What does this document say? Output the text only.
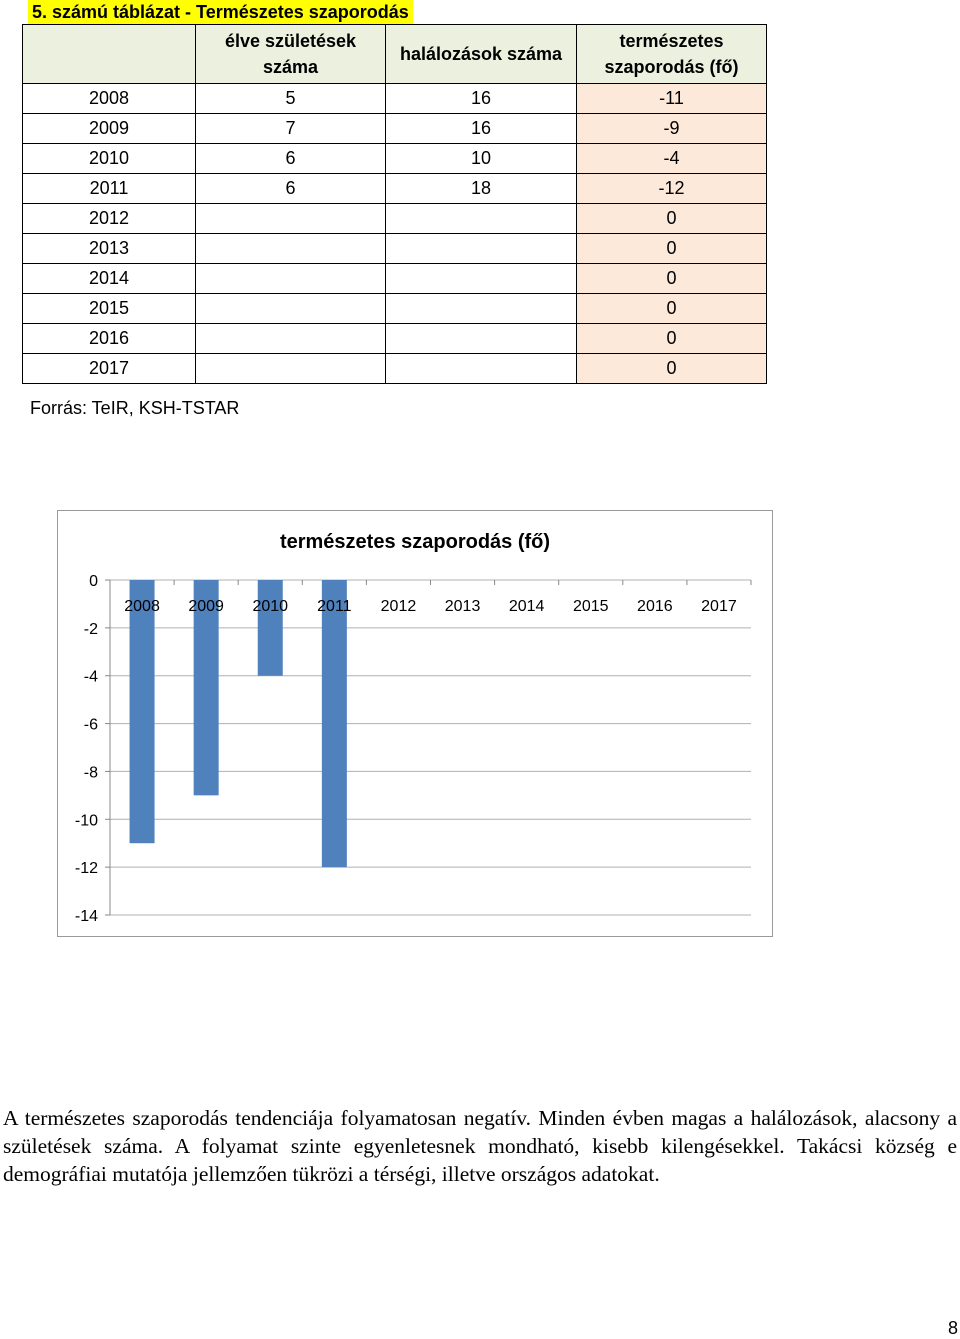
5. számú táblázat - Természetes szaporodás
	élve születések száma	halálozások száma	természetes szaporodás (fő)
2008	5	16	-11
2009	7	16	-9
2010	6	10	-4
2011	6	18	-12
2012			0
2013			0
2014			0
2015			0
2016			0
2017			0
Forrás: TeIR, KSH-TSTAR
természetes szaporodás (fő)
0
-2
-4
-6
-8
-10
-12
-14
2008 2009 2010 2011 2012 2013 2014 2015 2016 2017
A természetes szaporodás tendenciája folyamatosan negatív. Minden évben magas a halálozások, alacsony a születések száma. A folyamat szinte egyenletesnek mondható, kisebb kilengésekkel. Takácsi község e demográfiai mutatója jellemzően tükrözi a térségi, illetve országos adatokat.
8
